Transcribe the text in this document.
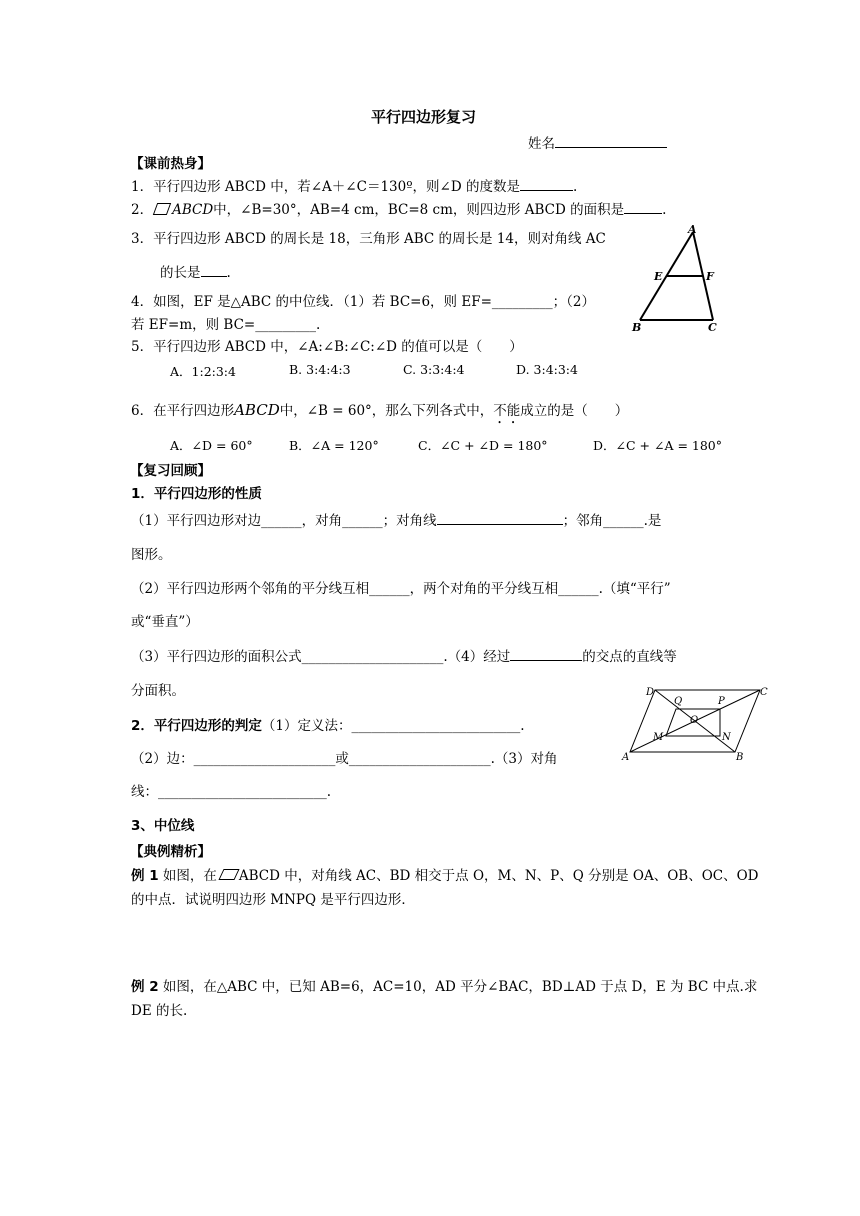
平行四边形复习
姓名
【课前热身】
1．平行四边形 ABCD 中，若∠A＋∠C＝130º，则∠D 的度数是	.
2． ABCD中，∠B=30°，AB=4 cm，BC=8 cm，则四边形 ABCD 的面积是	.
3．平行四边形 ABCD 的周长是 18，三角形 ABC 的周长是 14，则对角线 AC
的长是 .
A
E	F
B	C
4．如图，EF 是△ABC 的中位线．（1）若 BC=6，则 EF=_________；（2）
若 EF=m，则 BC=_________.
5．平行四边形 ABCD 中，∠A:∠B:∠C:∠D 的值可以是（　　）
A．1:2:3:4	B. 3:4:4:3	C. 3:3:4:4	D. 3:4:3:4
6．在平行四边形ABCD中，∠B = 60°，那么下列各式中，不能成立的是（　　）
A．∠D = 60°	B．∠A = 120°	C．∠C + ∠D = 180°	D．∠C + ∠A = 180°
【复习回顾】
1．平行四边形的性质
（1）平行四边形对边______，对角______；对角线	；邻角______.是
图形。
（2）平行四边形两个邻角的平分线互相______，两个对角的平分线互相______.（填“平行”
或“垂直”）
（3）平行四边形的面积公式_____________________.（4）经过	的交点的直线等
分面积。	D
Q	P
C
O
M	N
A	B
2．平行四边形的判定（1）定义法：_________________________.
（2）边：_____________________或_____________________.（3）对角
线：_________________________.
3、中位线
【典例精析】
例 1 如图，在 ABCD 中，对角线 AC、BD 相交于点 O，M、N、P、Q 分别是 OA、OB、OC、OD
的中点．试说明四边形 MNPQ 是平行四边形．
例 2 如图，在△ABC 中，已知 AB=6，AC=10，AD 平分∠BAC，BD⊥AD 于点 D，E 为 BC 中点.求
DE 的长.
